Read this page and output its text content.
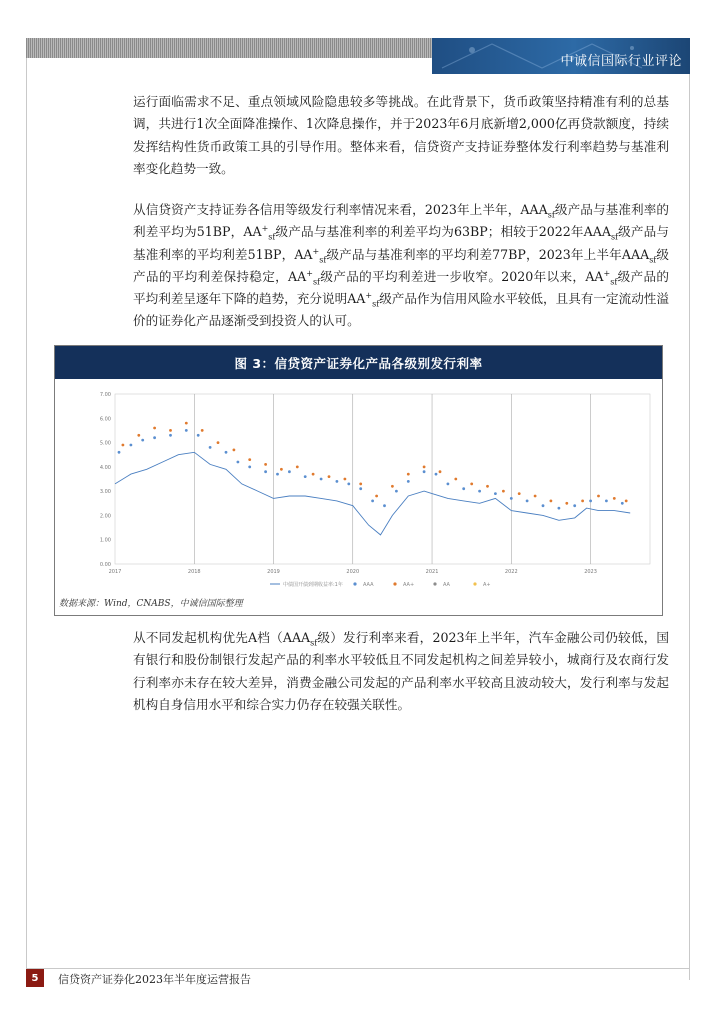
中诚信国际行业评论
运行面临需求不足、重点领域风险隐患较多等挑战。在此背景下，货币政策坚持精准有利的总基调，共进行1次全面降准操作、1次降息操作，并于2023年6月底新增2,000亿再贷款额度，持续发挥结构性货币政策工具的引导作用。整体来看，信贷资产支持证券整体发行利率趋势与基准利率变化趋势一致。
从信贷资产支持证券各信用等级发行利率情况来看，2023年上半年，$AAA_{sf}$级产品与基准利率的利差平均为51BP，$AA^+_{sf}$级产品与基准利率的利差平均为63BP；相较于2022年$AAA_{sf}$级产品与基准利率的平均利差51BP，$AA^+_{sf}$级产品与基准利率的平均利差77BP，2023年上半年$AAA_{sf}$级产品的平均利差保持稳定，$AA^+_{sf}$级产品的平均利差进一步收窄。2020年以来，$AA^+_{sf}$级产品的平均利差呈逐年下降的趋势，充分说明$AA^+_{sf}$级产品作为信用风险水平较低，且具有一定流动性溢价的证券化产品逐渐受到投资人的认可。
图 3：信贷资产证券化产品各级别发行利率
7.00
6.00
5.00
4.00
3.00
2.00
1.00
0.00
2017	2018	2019	2020	2021	2022	2023
中债国开债到期收益率:1年	AAA	AA+	AA	A+
数据来源：Wind，CNABS，中诚信国际整理
从不同发起机构优先A档（$AAA_{sf}$级）发行利率来看，2023年上半年，汽车金融公司仍较低，国有银行和股份制银行发起产品的利率水平较低且不同发起机构之间差异较小，城商行及农商行发行利率亦未存在较大差异，消费金融公司发起的产品利率水平较高且波动较大，发行利率与发起机构自身信用水平和综合实力仍存在较强关联性。
5	信贷资产证券化2023年半年度运营报告
